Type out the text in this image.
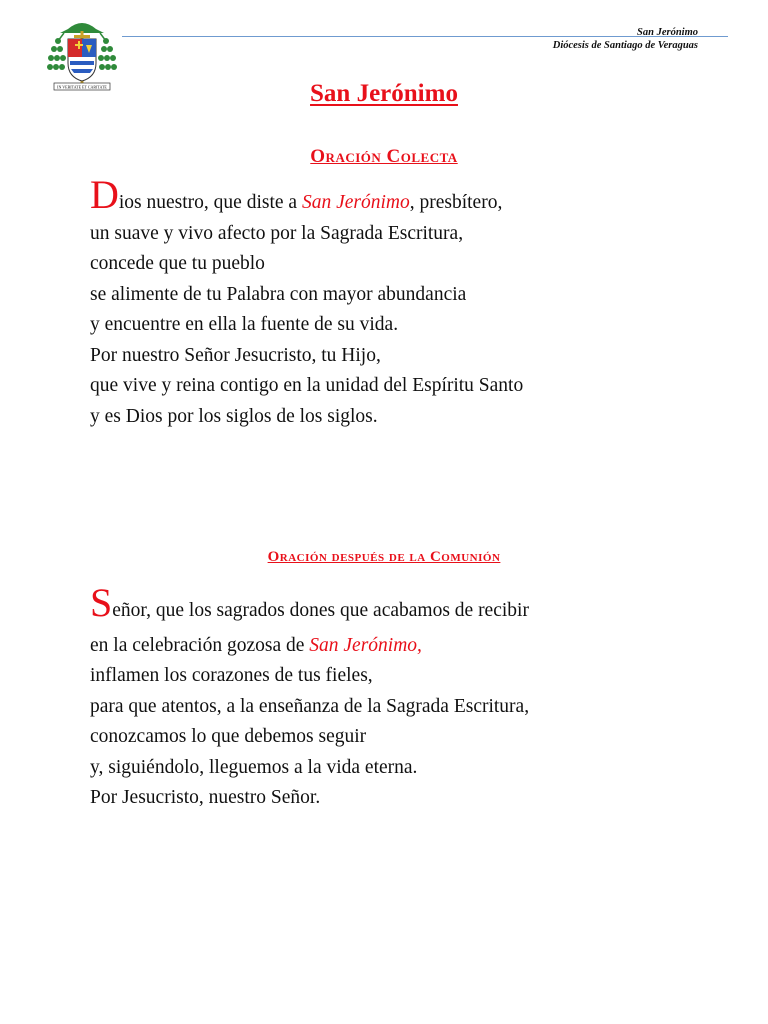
IN VERITATE ET CARITATE
San Jerónimo
Diócesis de Santiago de Veraguas
San Jerónimo
Oración Colecta
Dios nuestro, que diste a San Jerónimo, presbítero,
un suave y vivo afecto por la Sagrada Escritura,
concede que tu pueblo
se alimente de tu Palabra con mayor abundancia
y encuentre en ella la fuente de su vida.
Por nuestro Señor Jesucristo, tu Hijo,
que vive y reina contigo en la unidad del Espíritu Santo
y es Dios por los siglos de los siglos.
Oración después de la Comunión
Señor, que los sagrados dones que acabamos de recibir
en la celebración gozosa de San Jerónimo,
inflamen los corazones de tus fieles,
para que atentos, a la enseñanza de la Sagrada Escritura,
conozcamos lo que debemos seguir
y, siguiéndolo, lleguemos a la vida eterna.
Por Jesucristo, nuestro Señor.
